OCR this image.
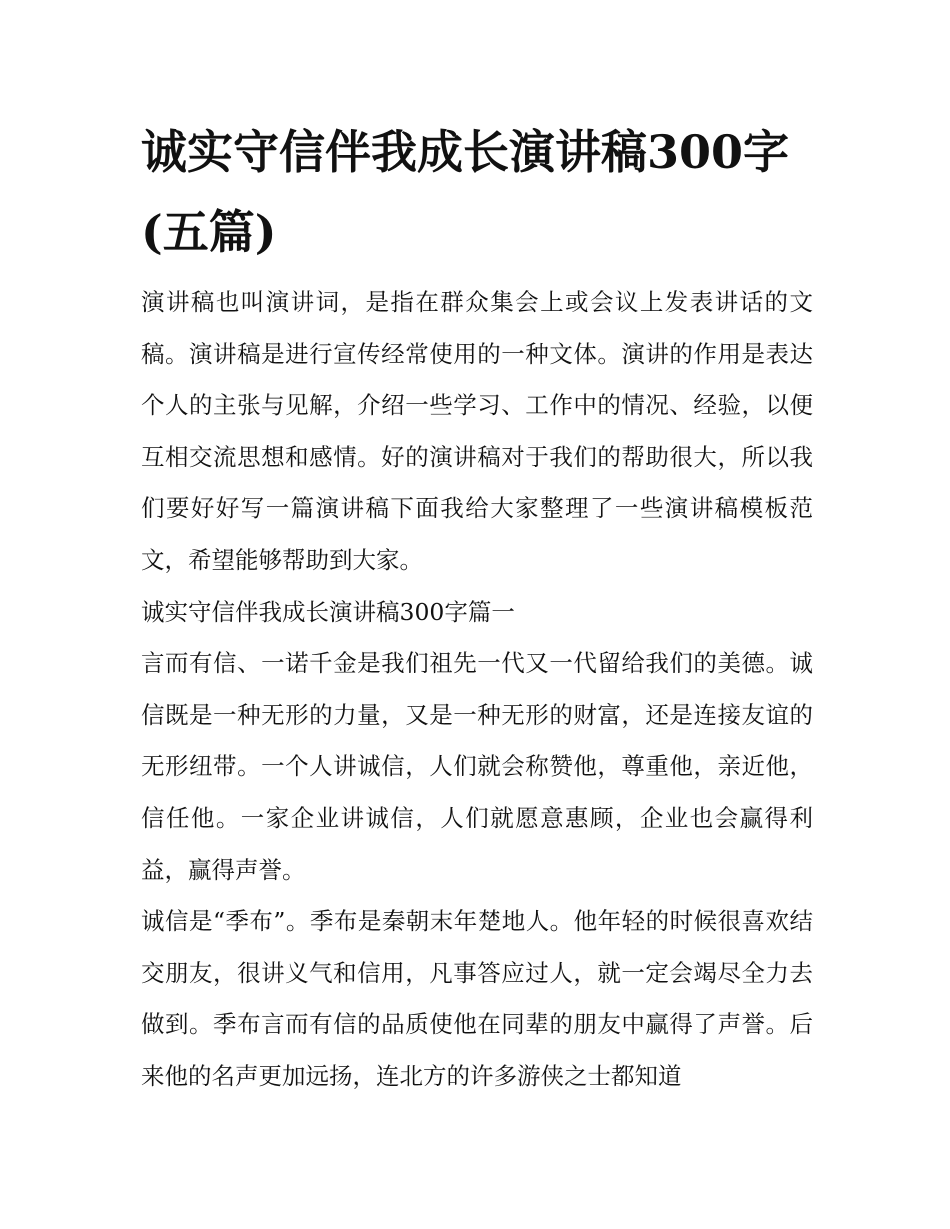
诚实守信伴我成长演讲稿300字(五篇)

演讲稿也叫演讲词，是指在群众集会上或会议上发表讲话的文稿。演讲稿是进行宣传经常使用的一种文体。演讲的作用是表达个人的主张与见解，介绍一些学习、工作中的情况、经验，以便互相交流思想和感情。好的演讲稿对于我们的帮助很大，所以我们要好好写一篇演讲稿下面我给大家整理了一些演讲稿模板范文，希望能够帮助到大家。

诚实守信伴我成长演讲稿300字篇一

言而有信、一诺千金是我们祖先一代又一代留给我们的美德。诚信既是一种无形的力量，又是一种无形的财富，还是连接友谊的无形纽带。一个人讲诚信，人们就会称赞他，尊重他，亲近他，信任他。一家企业讲诚信，人们就愿意惠顾，企业也会赢得利益，赢得声誉。

诚信是“季布”。季布是秦朝末年楚地人。他年轻的时候很喜欢结交朋友，很讲义气和信用，凡事答应过人，就一定会竭尽全力去做到。季布言而有信的品质使他在同辈的朋友中赢得了声誉。后来他的名声更加远扬，连北方的许多游侠之士都知道
